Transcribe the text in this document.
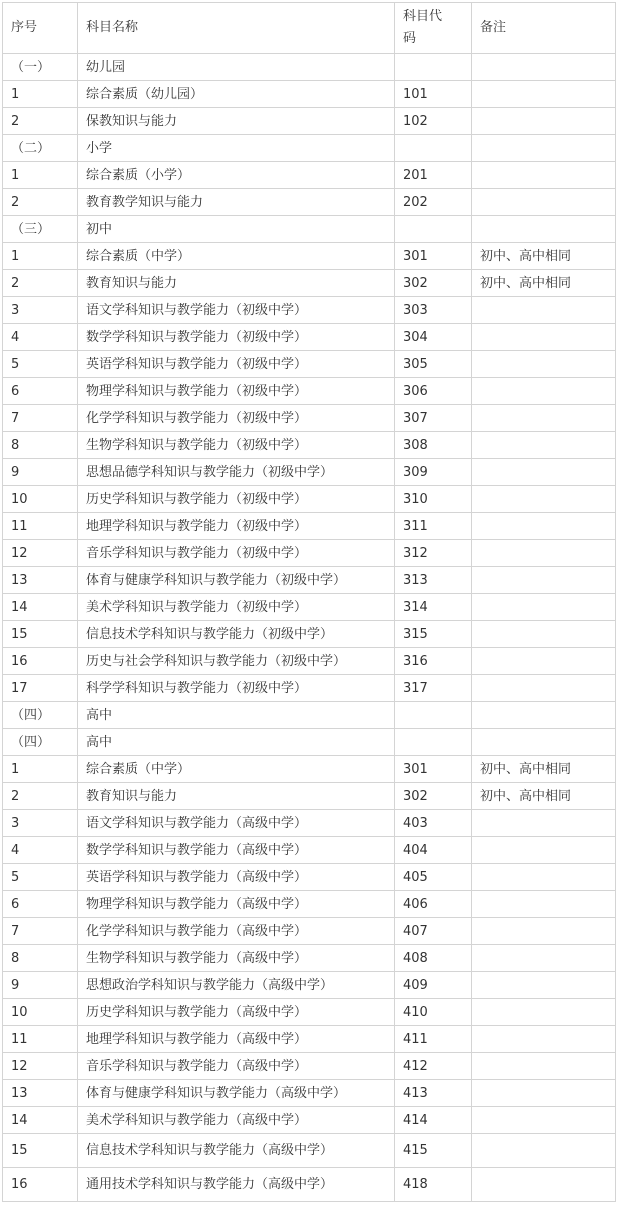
序号	科目名称	科目代码	备注
（一）	幼儿园		
1	综合素质（幼儿园）	101	
2	保教知识与能力	102	
（二）	小学		
1	综合素质（小学）	201	
2	教育教学知识与能力	202	
（三）	初中		
1	综合素质（中学）	301	初中、高中相同
2	教育知识与能力	302	初中、高中相同
3	语文学科知识与教学能力（初级中学）	303	
4	数学学科知识与教学能力（初级中学）	304	
5	英语学科知识与教学能力（初级中学）	305	
6	物理学科知识与教学能力（初级中学）	306	
7	化学学科知识与教学能力（初级中学）	307	
8	生物学科知识与教学能力（初级中学）	308	
9	思想品德学科知识与教学能力（初级中学）	309	
10	历史学科知识与教学能力（初级中学）	310	
11	地理学科知识与教学能力（初级中学）	311	
12	音乐学科知识与教学能力（初级中学）	312	
13	体育与健康学科知识与教学能力（初级中学）	313	
14	美术学科知识与教学能力（初级中学）	314	
15	信息技术学科知识与教学能力（初级中学）	315	
16	历史与社会学科知识与教学能力（初级中学）	316	
17	科学学科知识与教学能力（初级中学）	317	
（四）	高中		
（四）	高中		
1	综合素质（中学）	301	初中、高中相同
2	教育知识与能力	302	初中、高中相同
3	语文学科知识与教学能力（高级中学）	403	
4	数学学科知识与教学能力（高级中学）	404	
5	英语学科知识与教学能力（高级中学）	405	
6	物理学科知识与教学能力（高级中学）	406	
7	化学学科知识与教学能力（高级中学）	407	
8	生物学科知识与教学能力（高级中学）	408	
9	思想政治学科知识与教学能力（高级中学）	409	
10	历史学科知识与教学能力（高级中学）	410	
11	地理学科知识与教学能力（高级中学）	411	
12	音乐学科知识与教学能力（高级中学）	412	
13	体育与健康学科知识与教学能力（高级中学）	413	
14	美术学科知识与教学能力（高级中学）	414	
15	信息技术学科知识与教学能力（高级中学）	415	
16	通用技术学科知识与教学能力（高级中学）	418	
